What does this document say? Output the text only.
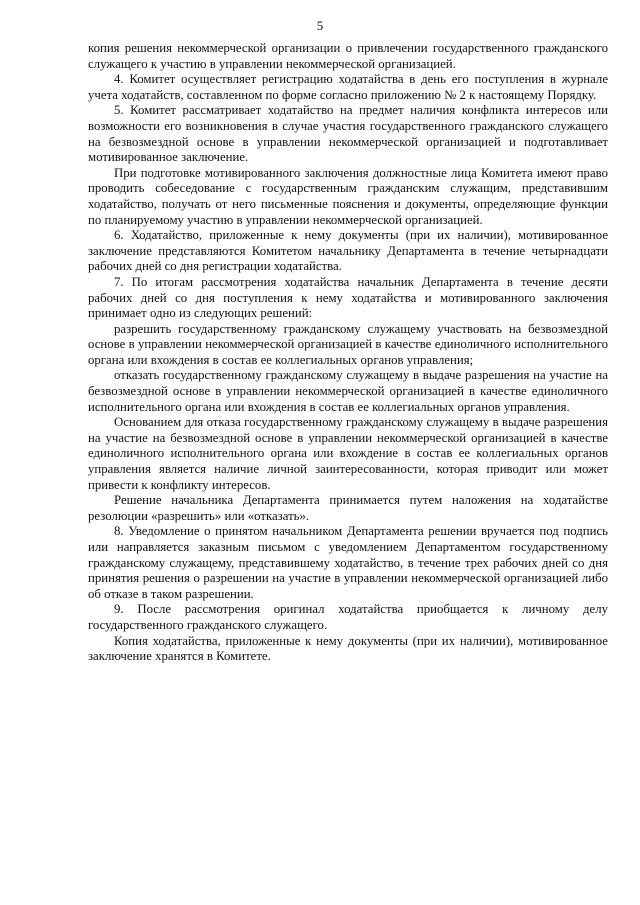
5

копия решения некоммерческой организации о привлечении государственного гражданского служащего к участию в управлении некоммерческой организацией.

4. Комитет осуществляет регистрацию ходатайства в день его поступления в журнале учета ходатайств, составленном по форме согласно приложению № 2 к настоящему Порядку.

5. Комитет рассматривает ходатайство на предмет наличия конфликта интересов или возможности его возникновения в случае участия государственного гражданского служащего на безвозмездной основе в управлении некоммерческой организацией и подготавливает мотивированное заключение.

При подготовке мотивированного заключения должностные лица Комитета имеют право проводить собеседование с государственным гражданским служащим, представившим ходатайство, получать от него письменные пояснения и документы, определяющие функции по планируемому участию в управлении некоммерческой организацией.

6. Ходатайство, приложенные к нему документы (при их наличии), мотивированное заключение представляются Комитетом начальнику Департамента в течение четырнадцати рабочих дней со дня регистрации ходатайства.

7. По итогам рассмотрения ходатайства начальник Департамента в течение десяти рабочих дней со дня поступления к нему ходатайства и мотивированного заключения принимает одно из следующих решений:

разрешить государственному гражданскому служащему участвовать на безвозмездной основе в управлении некоммерческой организацией в качестве единоличного исполнительного органа или вхождения в состав ее коллегиальных органов управления;

отказать государственному гражданскому служащему в выдаче разрешения на участие на безвозмездной основе в управлении некоммерческой организацией в качестве единоличного исполнительного органа или вхождения в состав ее коллегиальных органов управления.

Основанием для отказа государственному гражданскому служащему в выдаче разрешения на участие на безвозмездной основе в управлении некоммерческой организацией в качестве единоличного исполнительного органа или вхождение в состав ее коллегиальных органов управления является наличие личной заинтересованности, которая приводит или может привести к конфликту интересов.

Решение начальника Департамента принимается путем наложения на ходатайстве резолюции «разрешить» или «отказать».

8. Уведомление о принятом начальником Департамента решении вручается под подпись или направляется заказным письмом с уведомлением Департаментом государственному гражданскому служащему, представившему ходатайство, в течение трех рабочих дней со дня принятия решения о разрешении на участие в управлении некоммерческой организацией либо об отказе в таком разрешении.

9. После рассмотрения оригинал ходатайства приобщается к личному делу государственного гражданского служащего.

Копия ходатайства, приложенные к нему документы (при их наличии), мотивированное заключение хранятся в Комитете.
